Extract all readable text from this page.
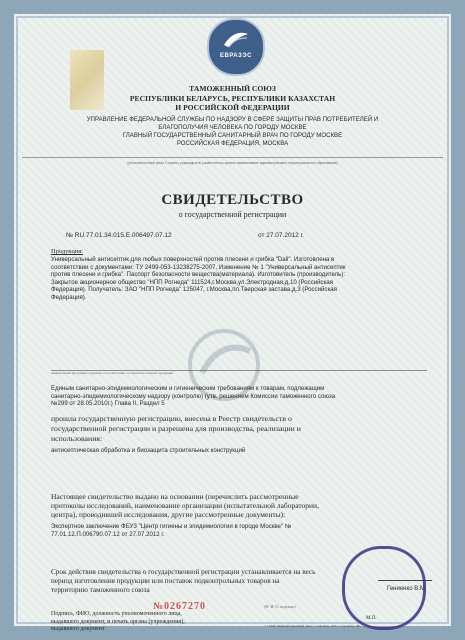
ЕВРАЗЭС
ТАМОЖЕННЫЙ СОЮЗ
РЕСПУБЛИКИ БЕЛАРУСЬ, РЕСПУБЛИКИ КАЗАХСТАН
И РОССИЙСКОЙ ФЕДЕРАЦИИ
УПРАВЛЕНИЕ ФЕДЕРАЛЬНОЙ СЛУЖБЫ ПО НАДЗОРУ В СФЕРЕ ЗАЩИТЫ ПРАВ ПОТРЕБИТЕЛЕЙ И
БЛАГОПОЛУЧИЯ ЧЕЛОВЕКА ПО ГОРОДУ МОСКВЕ
ГЛАВНЫЙ ГОСУДАРСТВЕННЫЙ САНИТАРНЫЙ ВРАЧ ПО ГОРОДУ МОСКВЕ
РОССИЙСКАЯ ФЕДЕРАЦИЯ, МОСКВА
(уполномоченный орган Стороны; руководитель (заместитель) органа; наименование административно-территориального образования)
СВИДЕТЕЛЬСТВО
о государственной регистрации
№ RU.77.01.34.015.Е.006497.07.12	от 27.07.2012 г.
Продукция:
Универсальный антисептик для любых поверхностей против плесени и грибка "Dali". Изготовлена в
соответствии с документами: ТУ 2499-053-13238275-2007, Изменение № 1 "Универсальный антисептик
против плесени и грибка". Паспорт безопасности вещества(материала). Изготовитель (производитель):
Закрытое акционерное общество "НПП Рогнеда" 111524,г.Москва,ул.Электродная,д.10 (Российская
Федерация). Получатель: ЗАО "НПП Рогнеда" 125047, г.Москва,пл.Тверская застава,д.3 (Российская
Федерация).
наименование продукции; документ, в соответствии с которым изготовлена продукция
Единым санитарно-эпидемиологическим и гигиеническим требованиям к товарам, подлежащим
санитарно-эпидемиологическому надзору (контролю) (утв. решением Комиссии таможенного союза
№299 от 28.05.2010г.) Глава II, Раздел 5
прошла государственную регистрацию, внесена в Реестр свидетельств о
государственной регистрации и разрешена для производства, реализации и
использования:
антисептическая обработка и биозащита строительных конструкций
Настоящее свидетельство выдано на основании (перечислить рассмотренные
протоколы исследований, наименование организации (испытательной лаборатории,
центра), проводившей исследования, другие рассмотренные документы):
Экспертное заключение ФБУЗ "Центр гигиены и эпидемиологии в городе Москве" №
77.01.12.П.006790.07.12 от 27.07.2012 г.
Срок действия свидетельства о государственной регистрации устанавливается на весь
период изготовления продукции или поставок подконтрольных товаров на
территорию таможенного союза
Подпись, ФИО, должность уполномоченного лица,
выдавшего документ, и печать органа (учреждения),
выдавшего документ
Гениенко В.М.
(Ф. И. О. подпись)
М.П.
№0267270
© ЗАО "Первый печатный двор", г. Москва, 2011 г., уровень «В»
